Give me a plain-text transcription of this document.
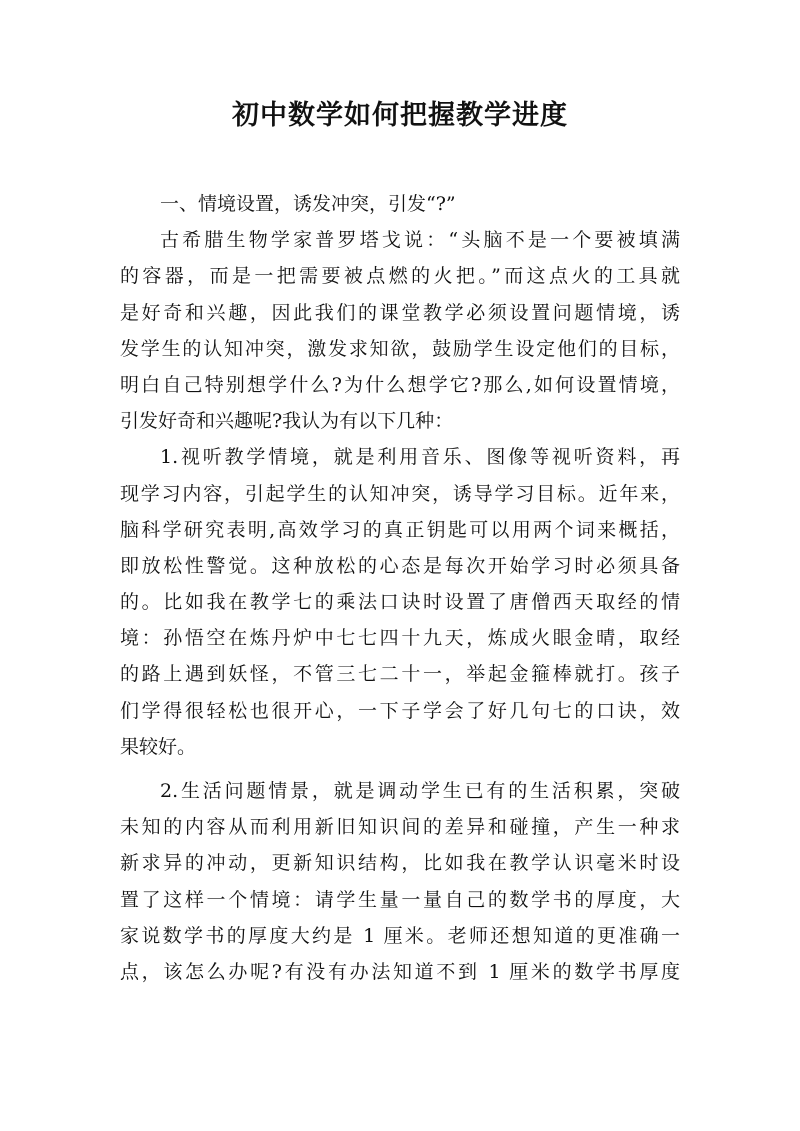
初中数学如何把握教学进度
一、情境设置，诱发冲突，引发“?”
古希腊生物学家普罗塔戈说：“头脑不是一个要被填满
的容器，而是一把需要被点燃的火把。”而这点火的工具就
是好奇和兴趣，因此我们的课堂教学必须设置问题情境，诱
发学生的认知冲突，激发求知欲，鼓励学生设定他们的目标，
明白自己特别想学什么?为什么想学它?那么,如何设置情境，
引发好奇和兴趣呢?我认为有以下几种：
1.视听教学情境，就是利用音乐、图像等视听资料，再
现学习内容，引起学生的认知冲突，诱导学习目标。近年来，
脑科学研究表明,高效学习的真正钥匙可以用两个词来概括，
即放松性警觉。这种放松的心态是每次开始学习时必须具备
的。比如我在教学七的乘法口诀时设置了唐僧西天取经的情
境：孙悟空在炼丹炉中七七四十九天，炼成火眼金晴，取经
的路上遇到妖怪，不管三七二十一，举起金箍棒就打。孩子
们学得很轻松也很开心，一下子学会了好几句七的口诀，效
果较好。
2.生活问题情景，就是调动学生已有的生活积累，突破
未知的内容从而利用新旧知识间的差异和碰撞，产生一种求
新求异的冲动，更新知识结构，比如我在教学认识毫米时设
置了这样一个情境：请学生量一量自己的数学书的厚度，大
家说数学书的厚度大约是 1 厘米。老师还想知道的更准确一
点，该怎么办呢?有没有办法知道不到 1 厘米的数学书厚度
